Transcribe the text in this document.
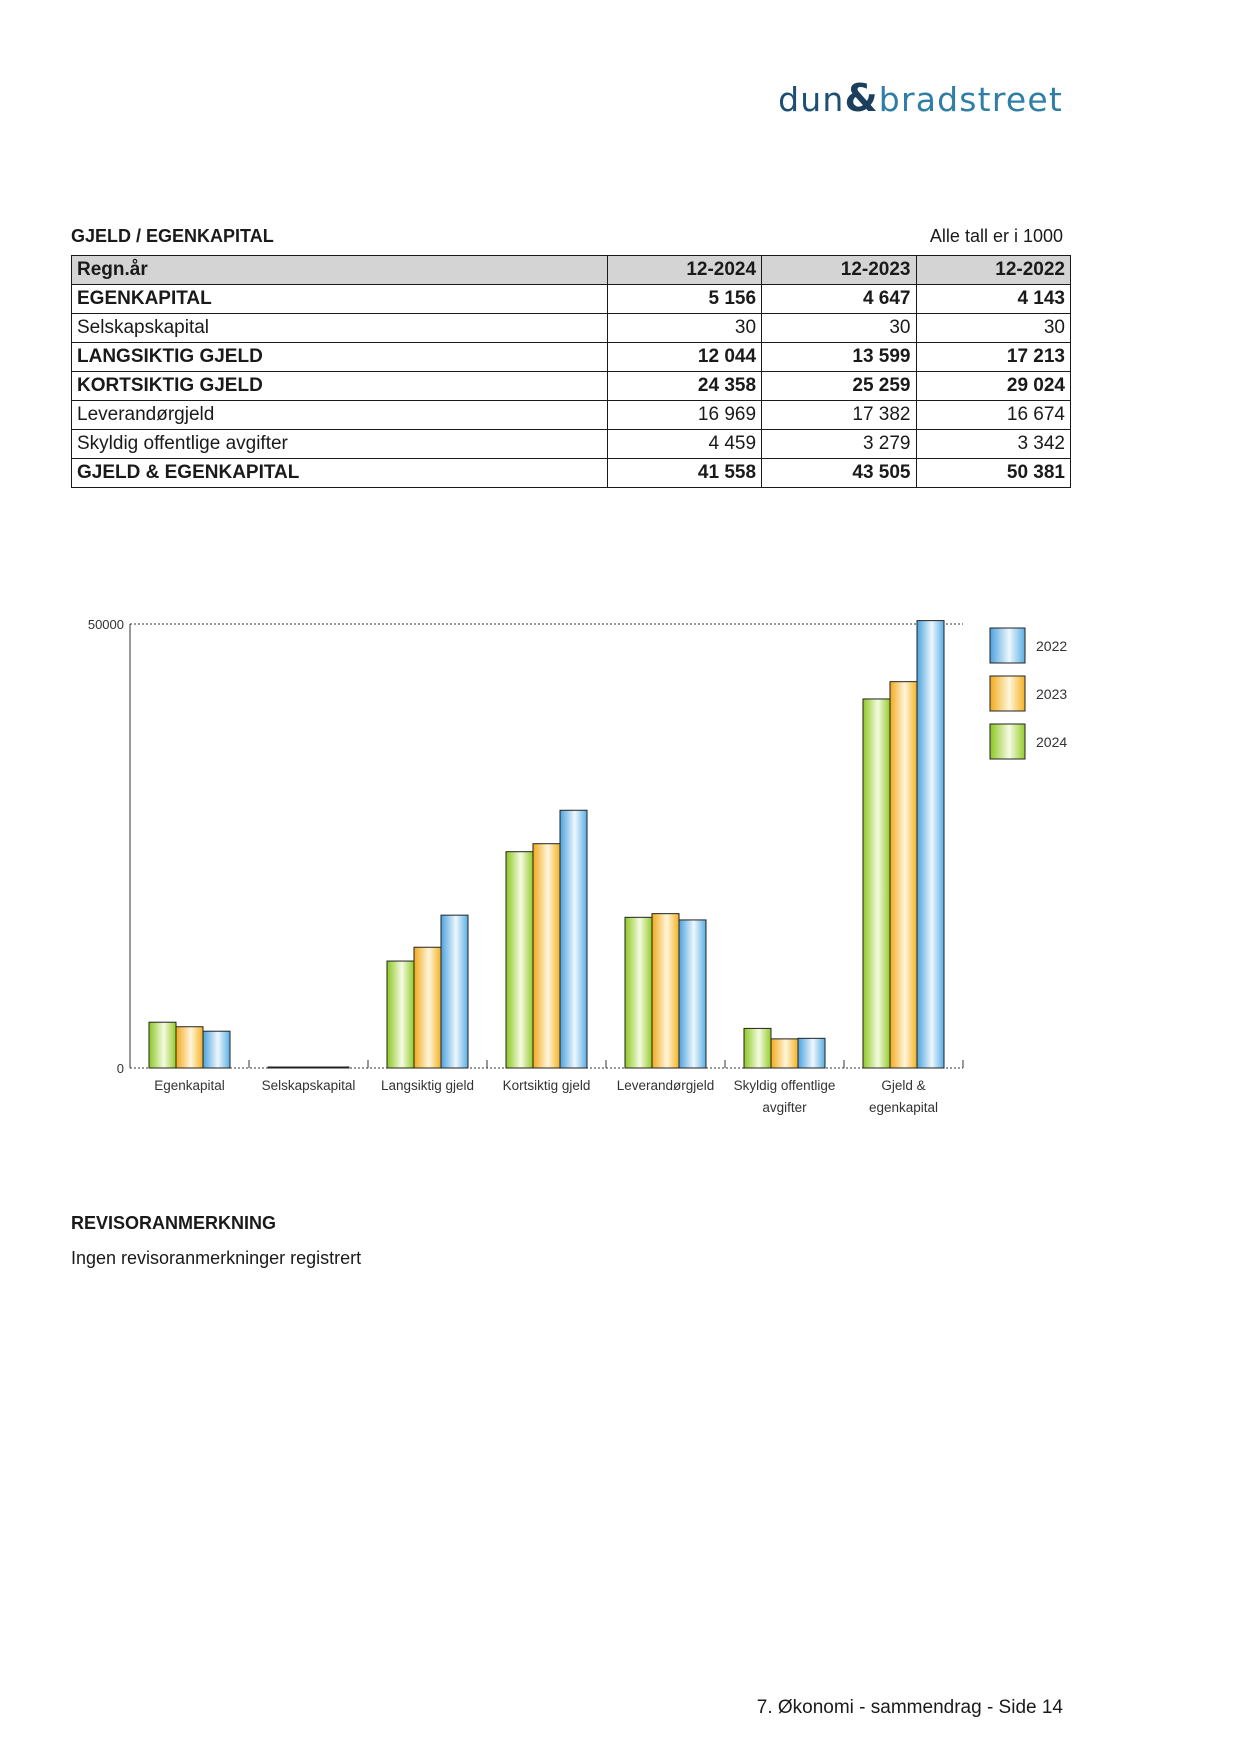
dun&bradstreet
GJELD / EGENKAPITAL	Alle tall er i 1000
Regn.år	12-2024	12-2023	12-2022
EGENKAPITAL	5 156	4 647	4 143
Selskapskapital	30	30	30
LANGSIKTIG GJELD	12 044	13 599	17 213
KORTSIKTIG GJELD	24 358	25 259	29 024
Leverandørgjeld	16 969	17 382	16 674
Skyldig offentlige avgifter	4 459	3 279	3 342
GJELD & EGENKAPITAL	41 558	43 505	50 381
50000
0
Egenkapital	Selskapskapital Langsiktig gjeld Kortsiktig gjeld Leverandørgjeld Skyldig offentlige
avgifter
Gjeld &
egenkapital
2022
2023
2024
REVISORANMERKNING
Ingen revisoranmerkninger registrert
7. Økonomi - sammendrag - Side 14
